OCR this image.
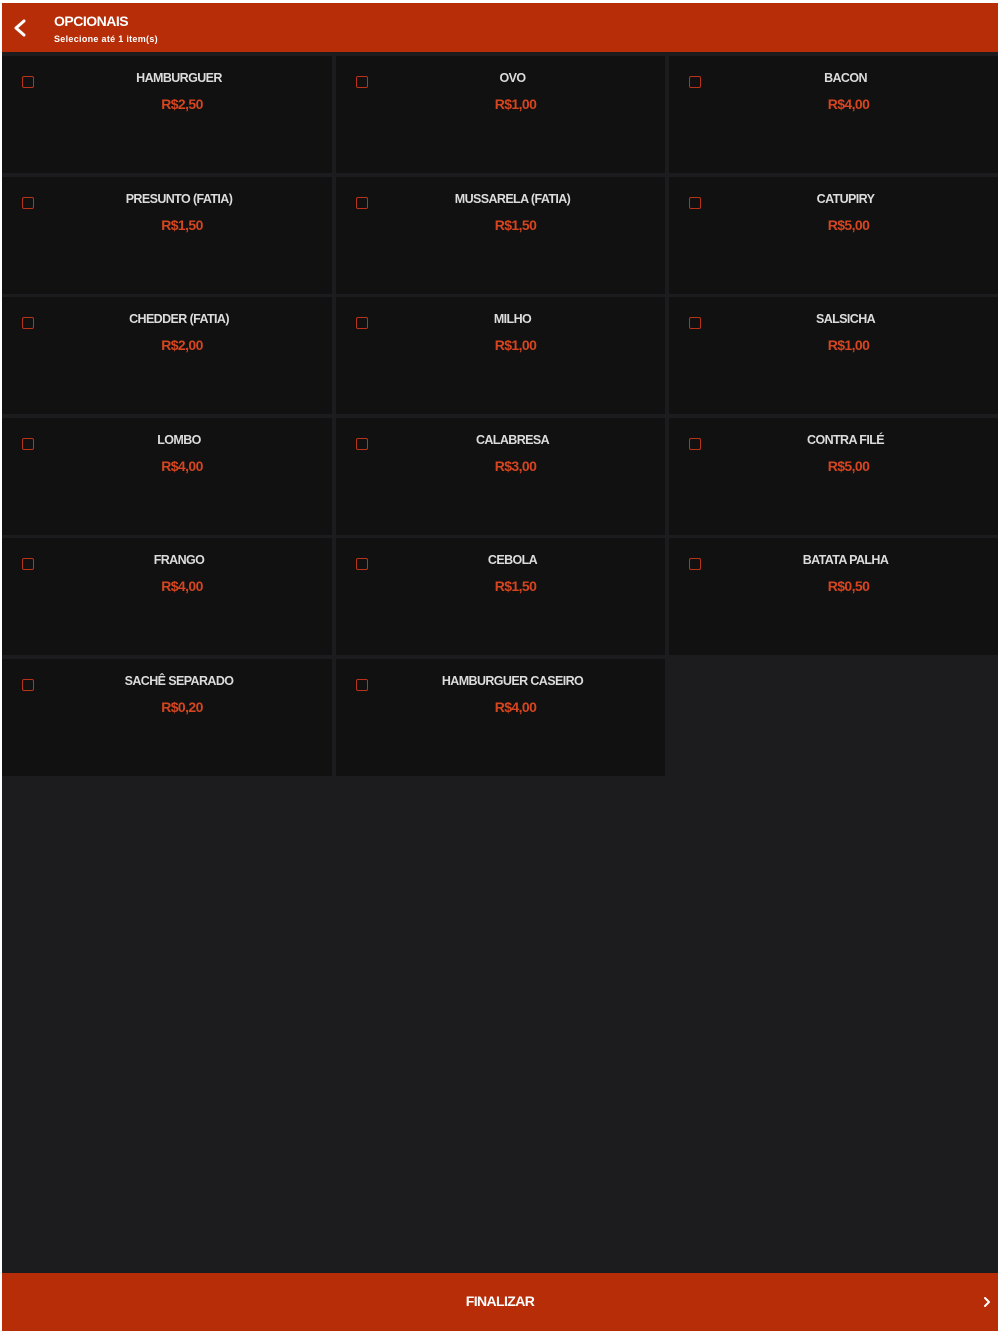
OPCIONAIS
Selecione até 1 item(s)
HAMBURGUER
R$2,50
OVO
R$1,00
BACON
R$4,00
PRESUNTO (FATIA)
R$1,50
MUSSARELA (FATIA)
R$1,50
CATUPIRY
R$5,00
CHEDDER (FATIA)
R$2,00
MILHO
R$1,00
SALSICHA
R$1,00
LOMBO
R$4,00
CALABRESA
R$3,00
CONTRA FILÉ
R$5,00
FRANGO
R$4,00
CEBOLA
R$1,50
BATATA PALHA
R$0,50
SACHÊ SEPARADO
R$0,20
HAMBURGUER CASEIRO
R$4,00
FINALIZAR
